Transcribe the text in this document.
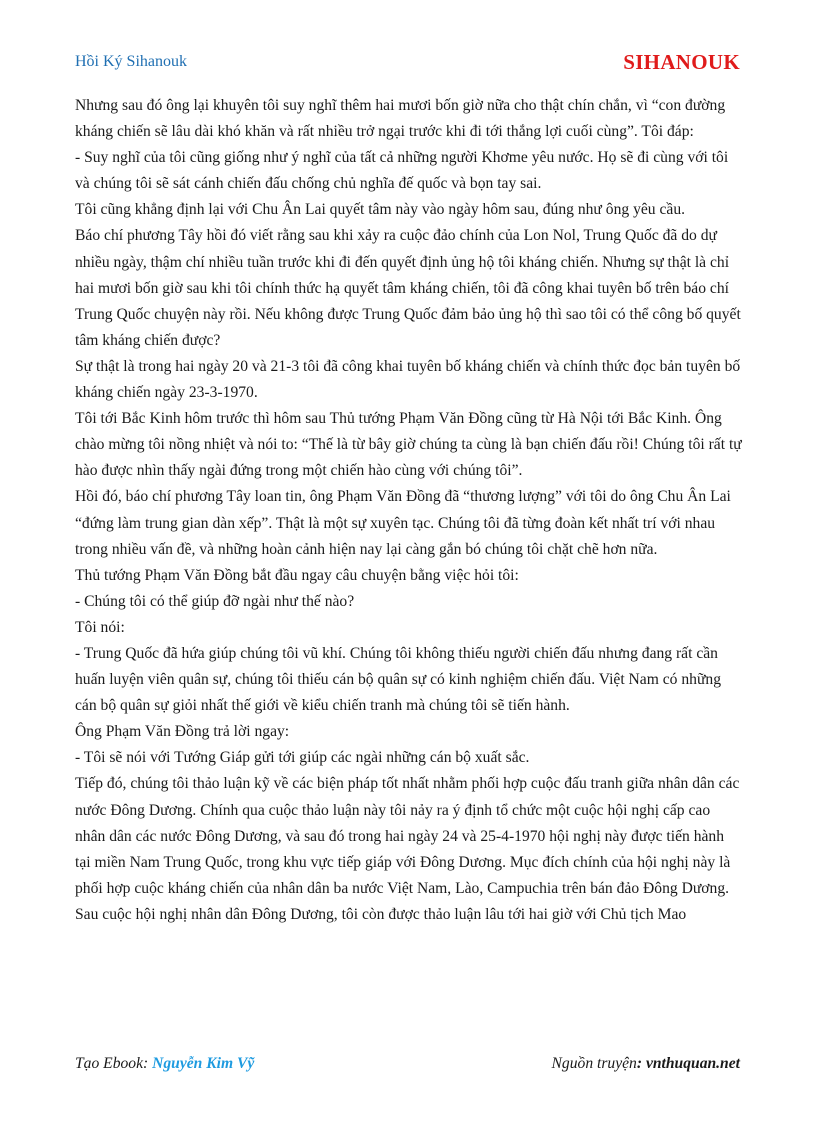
Hồi Ký Sihanouk	SIHANOUK

Nhưng sau đó ông lại khuyên tôi suy nghĩ thêm hai mươi bốn giờ nữa cho thật chín chắn, vì “con đường kháng chiến sẽ lâu dài khó khăn và rất nhiều trở ngại trước khi đi tới thắng lợi cuối cùng”. Tôi đáp:

- Suy nghĩ của tôi cũng giống như ý nghĩ của tất cả những người Khơme yêu nước. Họ sẽ đi cùng với tôi và chúng tôi sẽ sát cánh chiến đấu chống chủ nghĩa đế quốc và bọn tay sai.

Tôi cũng khẳng định lại với Chu Ân Lai quyết tâm này vào ngày hôm sau, đúng như ông yêu cầu.

Báo chí phương Tây hồi đó viết rằng sau khi xảy ra cuộc đảo chính của Lon Nol, Trung Quốc đã do dự nhiều ngày, thậm chí nhiều tuần trước khi đi đến quyết định ủng hộ tôi kháng chiến. Nhưng sự thật là chỉ hai mươi bốn giờ sau khi tôi chính thức hạ quyết tâm kháng chiến, tôi đã công khai tuyên bố trên báo chí Trung Quốc chuyện này rồi. Nếu không được Trung Quốc đảm bảo ủng hộ thì sao tôi có thể công bố quyết tâm kháng chiến được?

Sự thật là trong hai ngày 20 và 21-3 tôi đã công khai tuyên bố kháng chiến và chính thức đọc bản tuyên bố kháng chiến ngày 23-3-1970.

Tôi tới Bắc Kinh hôm trước thì hôm sau Thủ tướng Phạm Văn Đồng cũng từ Hà Nội tới Bắc Kinh. Ông chào mừng tôi nồng nhiệt và nói to: “Thế là từ bây giờ chúng ta cùng là bạn chiến đấu rồi! Chúng tôi rất tự hào được nhìn thấy ngài đứng trong một chiến hào cùng với chúng tôi”.

Hồi đó, báo chí phương Tây loan tin, ông Phạm Văn Đồng đã “thương lượng” với tôi do ông Chu Ân Lai “đứng làm trung gian dàn xếp”. Thật là một sự xuyên tạc. Chúng tôi đã từng đoàn kết nhất trí với nhau trong nhiều vấn đề, và những hoàn cảnh hiện nay lại càng gắn bó chúng tôi chặt chẽ hơn nữa.

Thủ tướng Phạm Văn Đồng bắt đầu ngay câu chuyện bằng việc hỏi tôi:

- Chúng tôi có thể giúp đỡ ngài như thế nào?

Tôi nói:

- Trung Quốc đã hứa giúp chúng tôi vũ khí. Chúng tôi không thiếu người chiến đấu nhưng đang rất cần huấn luyện viên quân sự, chúng tôi thiếu cán bộ quân sự có kinh nghiệm chiến đấu. Việt Nam có những cán bộ quân sự giỏi nhất thế giới về kiểu chiến tranh mà chúng tôi sẽ tiến hành.

Ông Phạm Văn Đồng trả lời ngay:

- Tôi sẽ nói với Tướng Giáp gửi tới giúp các ngài những cán bộ xuất sắc.

Tiếp đó, chúng tôi thảo luận kỹ về các biện pháp tốt nhất nhằm phối hợp cuộc đấu tranh giữa nhân dân các nước Đông Dương. Chính qua cuộc thảo luận này tôi nảy ra ý định tổ chức một cuộc hội nghị cấp cao nhân dân các nước Đông Dương, và sau đó trong hai ngày 24 và 25-4-1970 hội nghị này được tiến hành tại miền Nam Trung Quốc, trong khu vực tiếp giáp với Đông Dương. Mục đích chính của hội nghị này là phối hợp cuộc kháng chiến của nhân dân ba nước Việt Nam, Lào, Campuchia trên bán đảo Đông Dương.

Sau cuộc hội nghị nhân dân Đông Dương, tôi còn được thảo luận lâu tới hai giờ với Chủ tịch Mao

Tạo Ebook: Nguyễn Kim Vỹ	Nguồn truyện: vnthuquan.net
